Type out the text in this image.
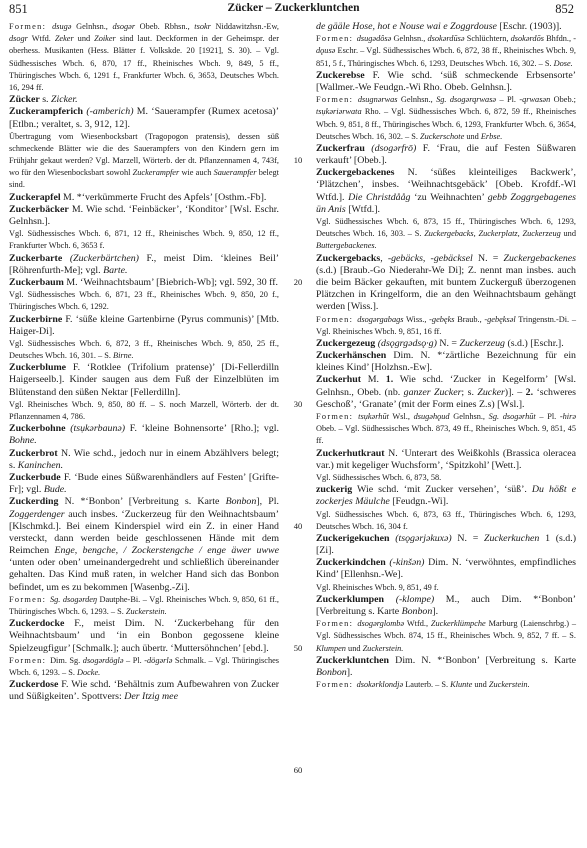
851	Zücker – Zuckerkluntchen	852

Formen: dsugə Gelnhsn., dsogər Obeb. Rbhsn., tsokr Niddawitzhsn.-Ew, dsogr Wtfd. Zeker und Zoiker sind laut. Deckformen in der Geheimspr. der oberhess. Musikanten (Hess. Blätter f. Volkskde. 20 [1921], S. 30). – Vgl. Südhessisches Wbch. 6, 870, 17 ff., Rheinisches Wbch. 9, 849, 5 ff., Thüringisches Wbch. 6, 1291 f., Frankfurter Wbch. 6, 3653, Deutsches Wbch. 16, 294 ff.

Zücker s. Zicker.

Zuckerampferich (-amberich) M. ‘Sauerampfer (Rumex acetosa)’ [Etlbn.; veraltet, s. 3, 912, 12].

Übertragung vom Wiesenbocksbart (Tragopogon pratensis), dessen süß schmeckende Blätter wie die des Sauerampfers von den Kindern gern im Frühjahr gekaut werden? Vgl. Marzell, Wörterb. der dt. Pflanzennamen 4, 743f, wo für den Wiesenbocksbart sowohl Zuckerampfer wie auch Sauerampfer belegt sind.

Zuckerapfel M. *‘verkümmerte Frucht des Apfels’ [Osthm.-Fb].

Zuckerbäcker M. Wie schd. ‘Feinbäcker’, ‘Konditor’ [Wsl. Eschr. Gelnhsn.].

Vgl. Südhessisches Wbch. 6, 871, 12 ff., Rheinisches Wbch. 9, 850, 12 ff., Frankfurter Wbch. 6, 3653 f.

Zuckerbarte (Zuckerbärtchen) F., meist Dim. ‘kleines Beil’ [Röhrenfurth-Me]; vgl. Barte.

Zuckerbaum M. ‘Weihnachtsbaum’ [Biebrich-Wb]; vgl. 592, 30 ff.

Vgl. Südhessisches Wbch. 6, 871, 23 ff., Rheinisches Wbch. 9, 850, 20 f., Thüringisches Wbch. 6, 1292.

Zuckerbirne F. ‘süße kleine Gartenbirne (Pyrus communis)’ [Mtb. Haiger-Di].

Vgl. Südhessisches Wbch. 6, 872, 3 ff., Rheinisches Wbch. 9, 850, 25 ff., Deutsches Wbch. 16, 301. – S. Birne.

Zuckerblume F. ‘Rotklee (Trifolium pratense)’ [Di-Fellerdilln Haigerseelb.]. Kinder saugen aus dem Fuß der Einzelblüten im Blütenstand den süßen Nektar [Fellerdilln].

Vgl. Rheinisches Wbch. 9, 850, 80 ff. – S. noch Marzell, Wörterb. der dt. Pflanzennamen 4, 786.

Zuckerbohne (tsụkərbaunə) F. ‘kleine Bohnensorte’ [Rho.]; vgl. Bohne.

Zuckerbrot N. Wie schd., jedoch nur in einem Abzählvers belegt; s. Kaninchen.

Zuckerbude F. ‘Bude eines Süßwarenhändlers auf Festen’ [Grifte-Fr]; vgl. Bude.

Zuckerding N. *‘Bonbon’ [Verbreitung s. Karte Bonbon], Pl. Zoggerdenger auch insbes. ‘Zuckerzeug für den Weihnachtsbaum’ [Klschmkd.]. Bei einem Kinderspiel wird ein Z. in einer Hand versteckt, dann werden beide geschlossenen Hände mit dem Reimchen Enge, bengche, / Zockerstengche / enge äwer uwwe ‘unten oder oben’ umeinandergedreht und schließlich übereinander gehalten. Das Kind muß raten, in welcher Hand sich das Bonbon befindet, um es zu bekommen [Wasenbg.-Zi].

Formen: Sg. dsogərdeŋ Dautphe-Bi. – Vgl. Rheinisches Wbch. 9, 850, 61 ff., Thüringisches Wbch. 6, 1293. – S. Zuckerstein.

Zuckerdocke F., meist Dim. N. ‘Zuckerbehang für den Weihnachtsbaum’ und ‘in ein Bonbon gegossene kleine Spielzeugfigur’ [Schmalk.]; auch übertr. ‘Muttersöhnchen’ [ebd.].

Formen: Dim. Sg. dsogərdöglə – Pl. -dögərlə Schmalk. – Vgl. Thüringisches Wbch. 6, 1293. – S. Docke.

Zuckerdose F. Wie schd. ‘Behältnis zum Aufbewahren von Zucker und Süßigkeiten’. Spottvers: Der Itzig mee

de gääle Hose, hot e Nouse wai e Zoggrdouse [Eschr. (1903)].

Formen: dsugədôsə Gelnhsn., dsokərdūsə Schlüchtern, dsokərdōs Bhfdn., -dǫusə Eschr. – Vgl. Südhessisches Wbch. 6, 872, 38 ff., Rheinisches Wbch. 9, 851, 5 f., Thüringisches Wbch. 6, 1293, Deutsches Wbch. 16, 302. – S. Dose.

Zuckerebse F. Wie schd. ‘süß schmeckende Erbsensorte’ [Wallmer.-We Feudgn.-Wi Rho. Obeb. Gelnhsn.].

Formen: dsugnərwas Gelnhsn., Sg. dsogərqrwasə – Pl. -qrwasən Obeb.; tsụkəriərwata Rho. – Vgl. Südhessisches Wbch. 6, 872, 59 ff., Rheinisches Wbch. 9, 851, 8 ff., Thüringisches Wbch. 6, 1293, Frankfurter Wbch. 6, 3654, Deutsches Wbch. 16, 302. – S. Zuckerschote und Erbse.

Zuckerfrau (dsogərfrō) F. ‘Frau, die auf Festen Süßwaren verkauft’ [Obeb.].

Zuckergebackenes N. ‘süßes kleinteiliges Backwerk’, ‘Plätzchen’, insbes. ‘Weihnachtsgebäck’ [Obeb. Krofdf.-Wl Wtfd.]. Die Christdååg ‘zu Weihnachten’ gebb Zoggrgebagenes ün Anis [Wtfd.].

Vgl. Südhessisches Wbch. 6, 873, 15 ff., Thüringisches Wbch. 6, 1293, Deutsches Wbch. 16, 303. – S. Zuckergebacks, Zuckerplatz, Zuckerzeug und Buttergebackenes.

Zuckergebacks, -gebäcks, -gebäcksel N. = Zuckergebackenes (s.d.) [Braub.-Go Niederahr-We Di]; Z. nennt man insbes. auch die beim Bäcker gekauften, mit buntem Zuckerguß überzogenen Plätzchen in Kringelform, die an den Weihnachtsbaum gehängt werden [Wiss.].

Formen: dsogərgabags Wiss., -gebęks Braub., -gebęksəl Tringenstn.-Di. – Vgl. Rheinisches Wbch. 9, 851, 16 ff.

Zuckergezeug (dsǫgrgədsǫ·g) N. = Zuckerzeug (s.d.) [Eschr.].

Zuckerhänschen Dim. N. *‘zärtliche Bezeichnung für ein kleines Kind’ [Holzhsn.-Ew].

Zuckerhut M. 1. Wie schd. ‘Zucker in Kegelform’ [Wsl. Gelnhsn., Obeb. (nb. ganzer Zucker; s. Zucker)]. – 2. ‘schweres Geschoß’, ‘Granate’ (mit der Form eines Z.s) [Wsl.].

Formen: tsụkərhūt Wsl., dsugəhǫud Gelnhsn., Sg. dsogərhūt – Pl. -hirə Obeb. – Vgl. Südhessisches Wbch. 873, 49 ff., Rheinisches Wbch. 9, 851, 45 ff.

Zuckerhutkraut N. ‘Unterart des Weißkohls (Brassica oleracea var.) mit kegeliger Wuchsform’, ‘Spitzkohl’ [Wett.].

Vgl. Südhessisches Wbch. 6, 873, 58.

zuckerig Wie schd. ‘mit Zucker versehen’, ‘süß’. Du hößt e zockerjes Mäulche [Feudgn.-Wi].

Vgl. Südhessisches Wbch. 6, 873, 63 ff., Thüringisches Wbch. 6, 1293, Deutsches Wbch. 16, 304 f.

Zuckerigekuchen (tsǫgərjəkuxə) N. = Zuckerkuchen 1 (s.d.) [Zi].

Zuckerkindchen (-kinšən) Dim. N. ‘verwöhntes, empfindliches Kind’ [Ellenhsn.-We].

Vgl. Rheinisches Wbch. 9, 851, 49 f.

Zuckerklumpen (-klompe) M., auch Dim. *‘Bonbon’ [Verbreitung s. Karte Bonbon].

Formen: dsogərglombə Wtfd., Zuckerklümpche Marburg (Laienschrbg.) – Vgl. Südhessisches Wbch. 874, 15 ff., Rheinisches Wbch. 9, 852, 7 ff. – S. Klumpen und Zuckerstein.

Zuckerkluntchen Dim. N. *‘Bonbon’ [Verbreitung s. Karte Bonbon].

Formen: dsokərklondjə Lauterb. – S. Klunte und Zuckerstein.

10
20
30
40
50
60
